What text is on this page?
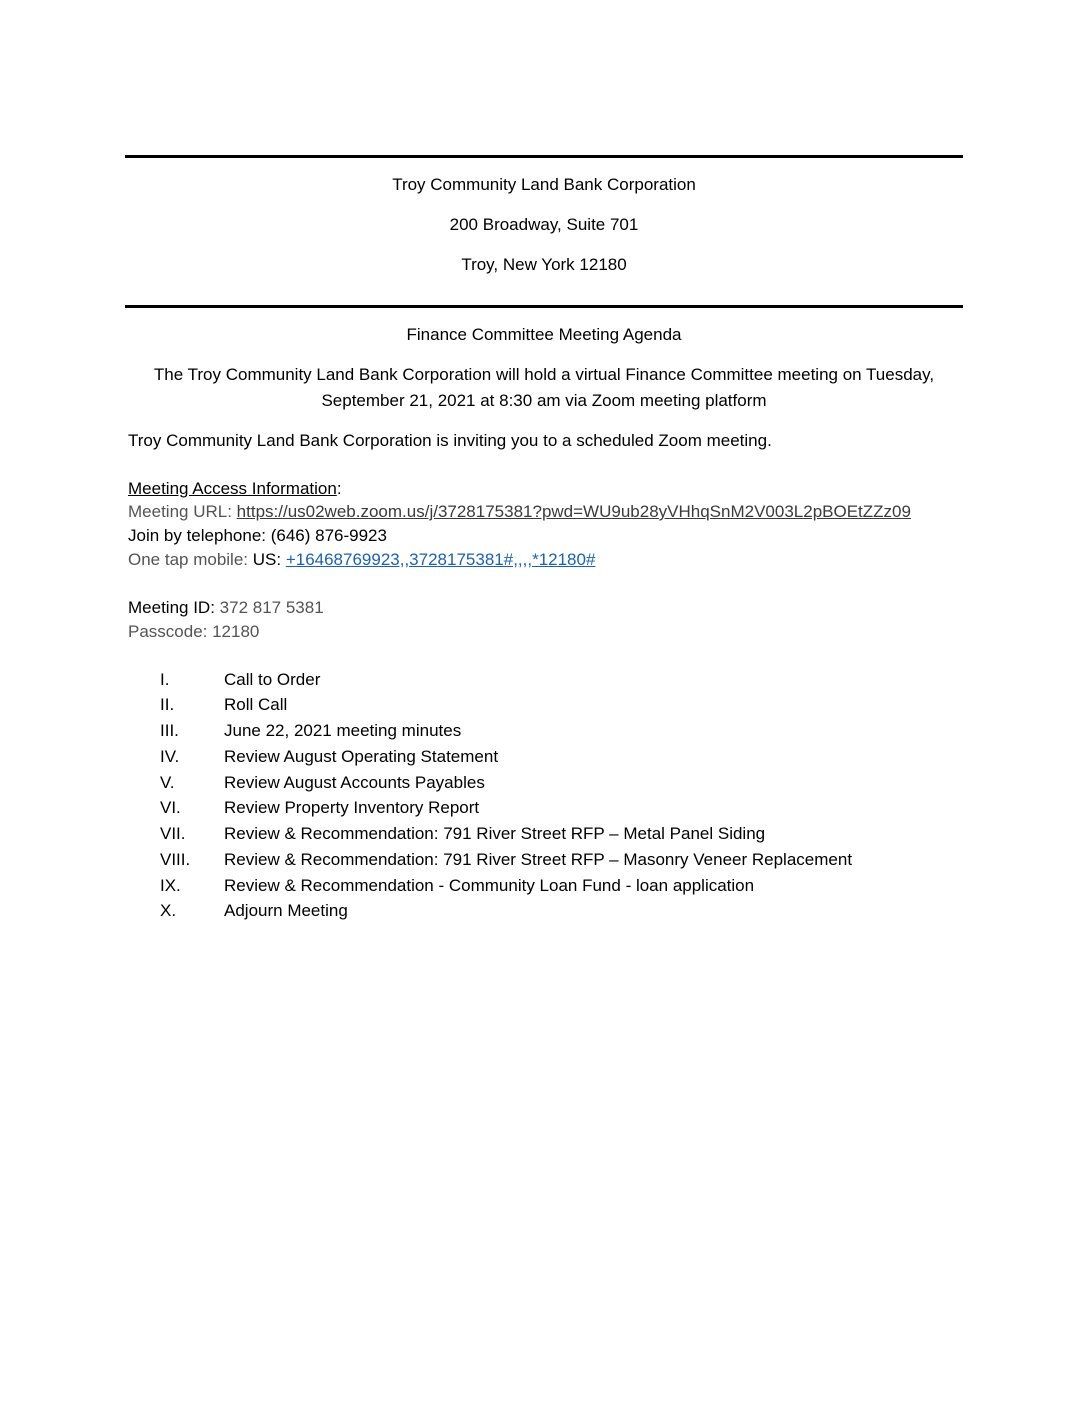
Troy Community Land Bank Corporation
200 Broadway, Suite 701
Troy, New York 12180
Finance Committee Meeting Agenda
The Troy Community Land Bank Corporation will hold a virtual Finance Committee meeting on Tuesday,
September 21, 2021 at 8:30 am via Zoom meeting platform
Troy Community Land Bank Corporation is inviting you to a scheduled Zoom meeting.
Meeting Access Information:
Meeting URL: https://us02web.zoom.us/j/3728175381?pwd=WU9ub28yVHhqSnM2V003L2pBOEtZZz09
Join by telephone: (646) 876-9923
One tap mobile: US: +16468769923,,3728175381#,,,,*12180#
Meeting ID: 372 817 5381
Passcode: 12180
I.	Call to Order
II.	Roll Call
III.	June 22, 2021 meeting minutes
IV.	Review August Operating Statement
V.	Review August Accounts Payables
VI.	Review Property Inventory Report
VII. Review & Recommendation: 791 River Street RFP – Metal Panel Siding
VIII. Review & Recommendation: 791 River Street RFP – Masonry Veneer Replacement
IX.	Review & Recommendation - Community Loan Fund - loan application
X.	Adjourn Meeting
